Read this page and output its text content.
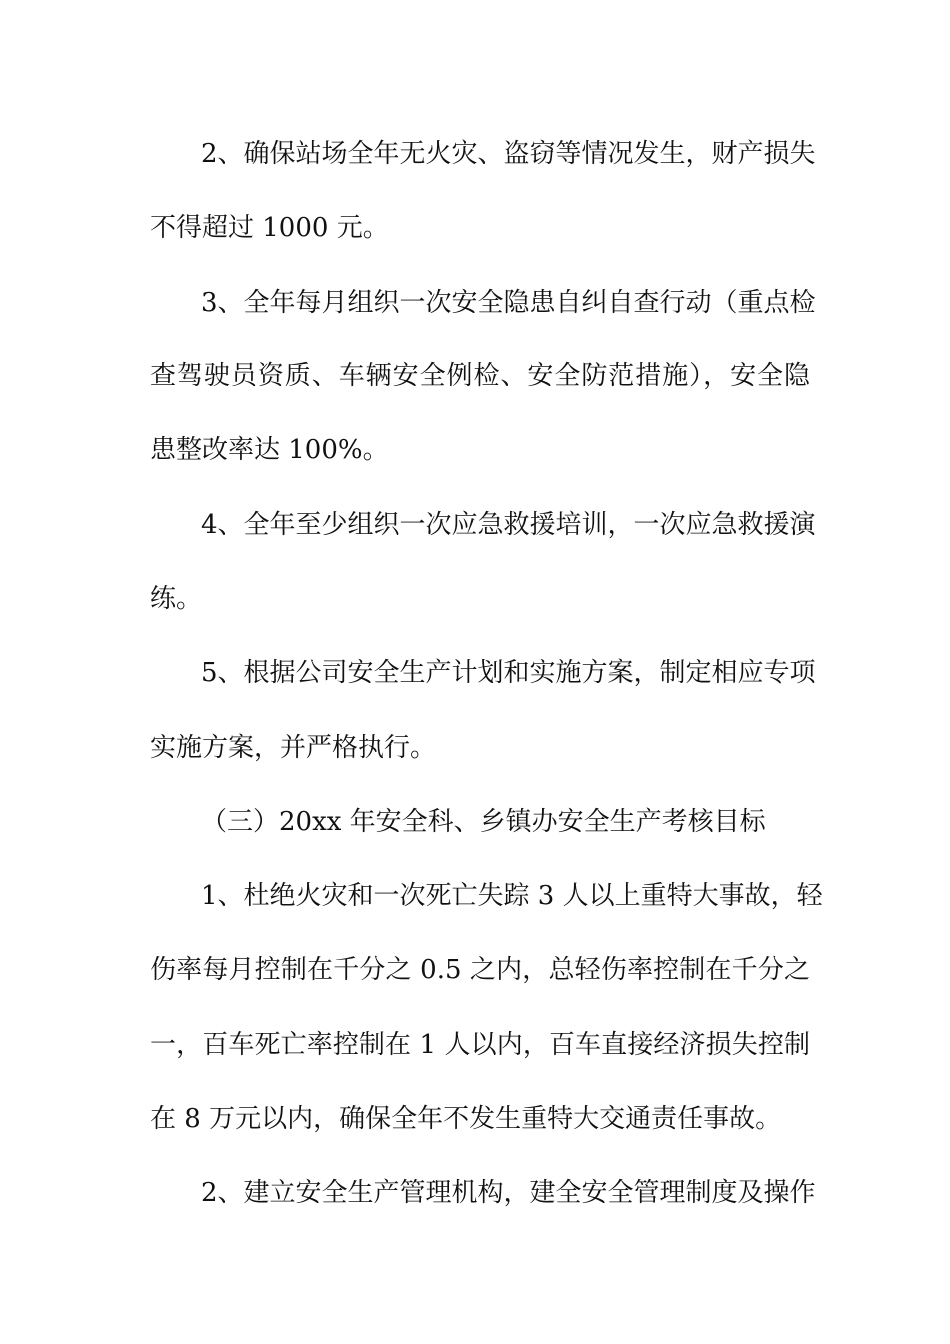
2、确保站场全年无火灾、盗窃等情况发生，财产损失
不得超过 1000 元。
3、全年每月组织一次安全隐患自纠自查行动（重点检
查驾驶员资质、车辆安全例检、安全防范措施），安全隐
患整改率达 100%。
4、全年至少组织一次应急救援培训，一次应急救援演
练。
5、根据公司安全生产计划和实施方案，制定相应专项
实施方案，并严格执行。
（三）20xx 年安全科、乡镇办安全生产考核目标
1、杜绝火灾和一次死亡失踪 3 人以上重特大事故，轻
伤率每月控制在千分之 0.5 之内，总轻伤率控制在千分之
一，百车死亡率控制在 1 人以内，百车直接经济损失控制
在 8 万元以内，确保全年不发生重特大交通责任事故。
2、建立安全生产管理机构，建全安全管理制度及操作
